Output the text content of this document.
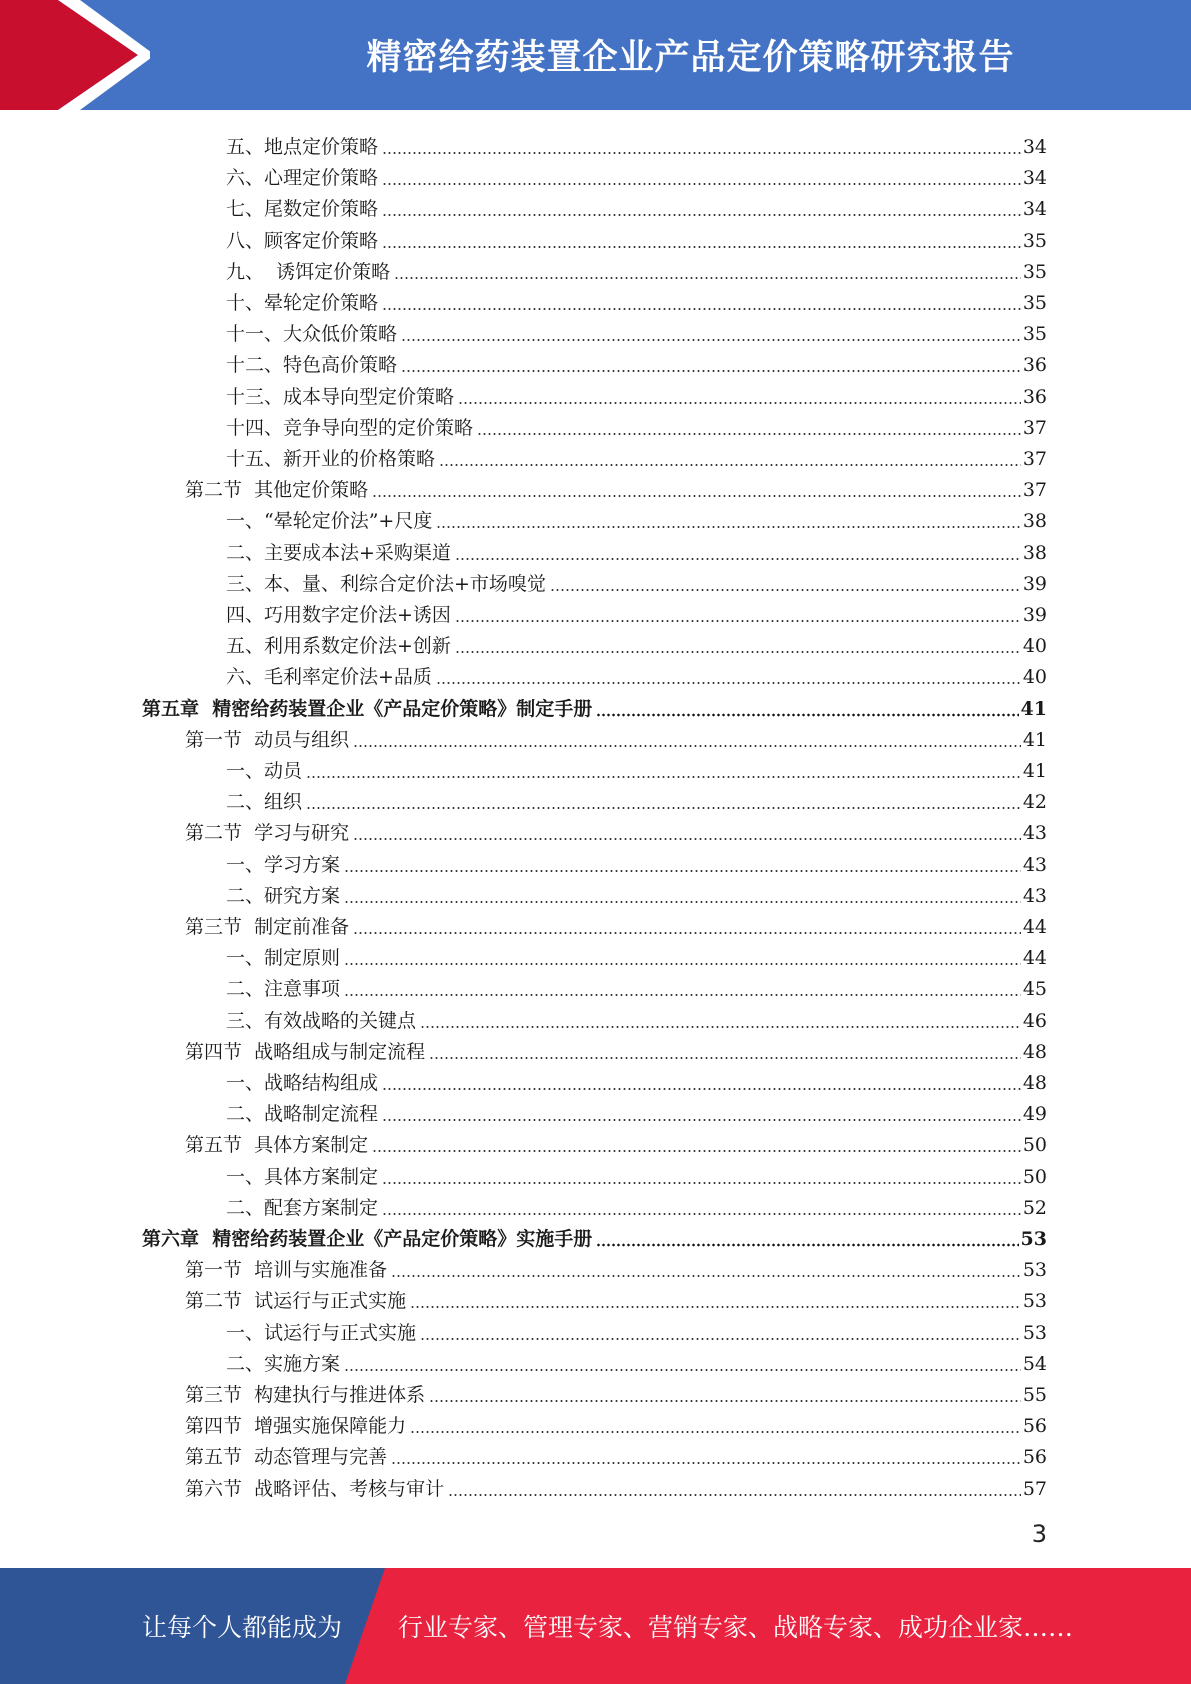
精密给药装置企业产品定价策略研究报告
五、地点定价策略	34
六、心理定价策略	34
七、尾数定价策略	34
八、顾客定价策略	35
九、  诱饵定价策略	35
十、晕轮定价策略	35
十一、大众低价策略	35
十二、特色高价策略	36
十三、成本导向型定价策略	36
十四、竞争导向型的定价策略	37
十五、新开业的价格策略	37
第二节  其他定价策略	37
一、“晕轮定价法”+尺度	38
二、主要成本法+采购渠道	38
三、本、量、利综合定价法+市场嗅觉	39
四、巧用数字定价法+诱因	39
五、利用系数定价法+创新	40
六、毛利率定价法+品质	40
第五章  精密给药装置企业《产品定价策略》制定手册	41
第一节  动员与组织	41
一、动员	41
二、组织	42
第二节  学习与研究	43
一、学习方案	43
二、研究方案	43
第三节  制定前准备	44
一、制定原则	44
二、注意事项	45
三、有效战略的关键点	46
第四节  战略组成与制定流程	48
一、战略结构组成	48
二、战略制定流程	49
第五节  具体方案制定	50
一、具体方案制定	50
二、配套方案制定	52
第六章  精密给药装置企业《产品定价策略》实施手册	53
第一节  培训与实施准备	53
第二节  试运行与正式实施	53
一、试运行与正式实施	53
二、实施方案	54
第三节  构建执行与推进体系	55
第四节  增强实施保障能力	56
第五节  动态管理与完善	56
第六节  战略评估、考核与审计	57
3
让每个人都能成为 行业专家、管理专家、营销专家、战略专家、成功企业家……
